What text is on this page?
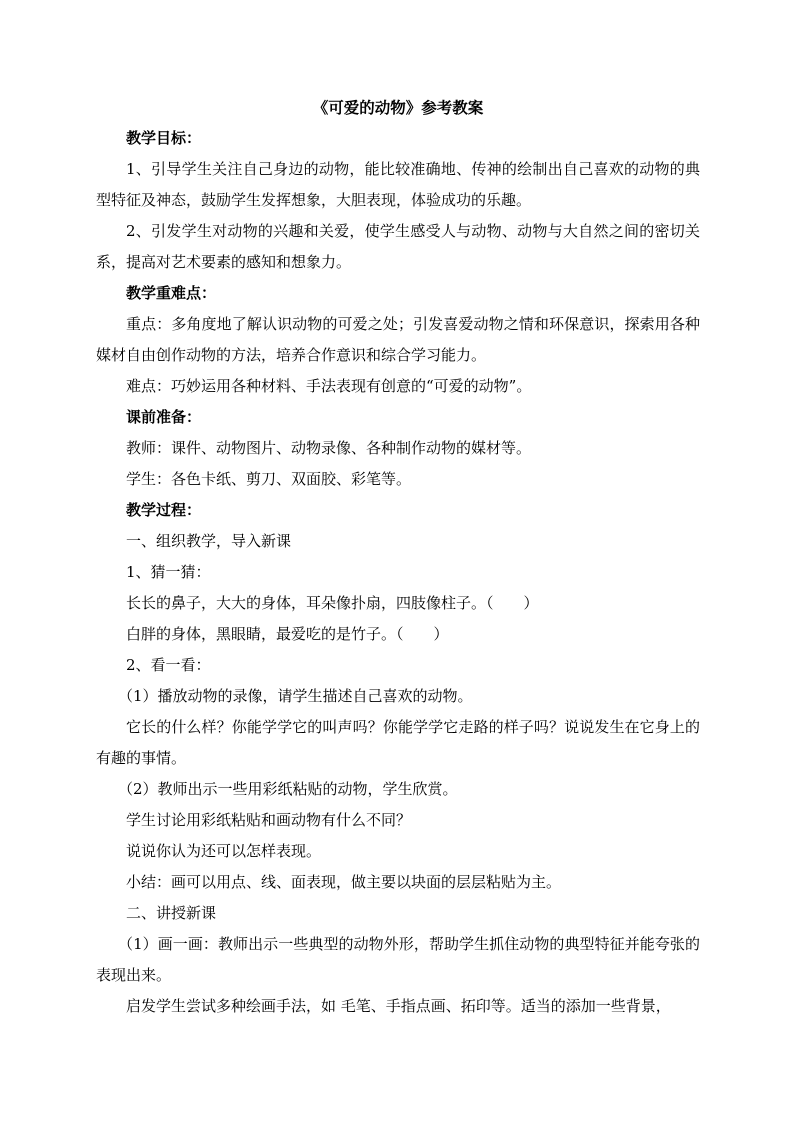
《可爱的动物》参考教案

教学目标：

1、引导学生关注自己身边的动物，能比较准确地、传神的绘制出自己喜欢的动物的典型特征及神态，鼓励学生发挥想象，大胆表现，体验成功的乐趣。

2、引发学生对动物的兴趣和关爱，使学生感受人与动物、动物与大自然之间的密切关系，提高对艺术要素的感知和想象力。

教学重难点：

重点：多角度地了解认识动物的可爱之处；引发喜爱动物之情和环保意识，探索用各种媒材自由创作动物的方法，培养合作意识和综合学习能力。

难点：巧妙运用各种材料、手法表现有创意的“可爱的动物”。

课前准备：

教师：课件、动物图片、动物录像、各种制作动物的媒材等。

学生：各色卡纸、剪刀、双面胶、彩笔等。

教学过程：

一、组织教学，导入新课

1、猜一猜：

长长的鼻子，大大的身体，耳朵像扑扇，四肢像柱子。（　　）

白胖的身体，黑眼睛，最爱吃的是竹子。（　　）

2、看一看：

（1）播放动物的录像，请学生描述自己喜欢的动物。

它长的什么样？你能学学它的叫声吗？你能学学它走路的样子吗？说说发生在它身上的有趣的事情。

（2）教师出示一些用彩纸粘贴的动物，学生欣赏。

学生讨论用彩纸粘贴和画动物有什么不同？

说说你认为还可以怎样表现。

小结：画可以用点、线、面表现，做主要以块面的层层粘贴为主。

二、讲授新课

（1）画一画：教师出示一些典型的动物外形，帮助学生抓住动物的典型特征并能夸张的表现出来。

启发学生尝试多种绘画手法，如 毛笔、手指点画、拓印等。适当的添加一些背景，
